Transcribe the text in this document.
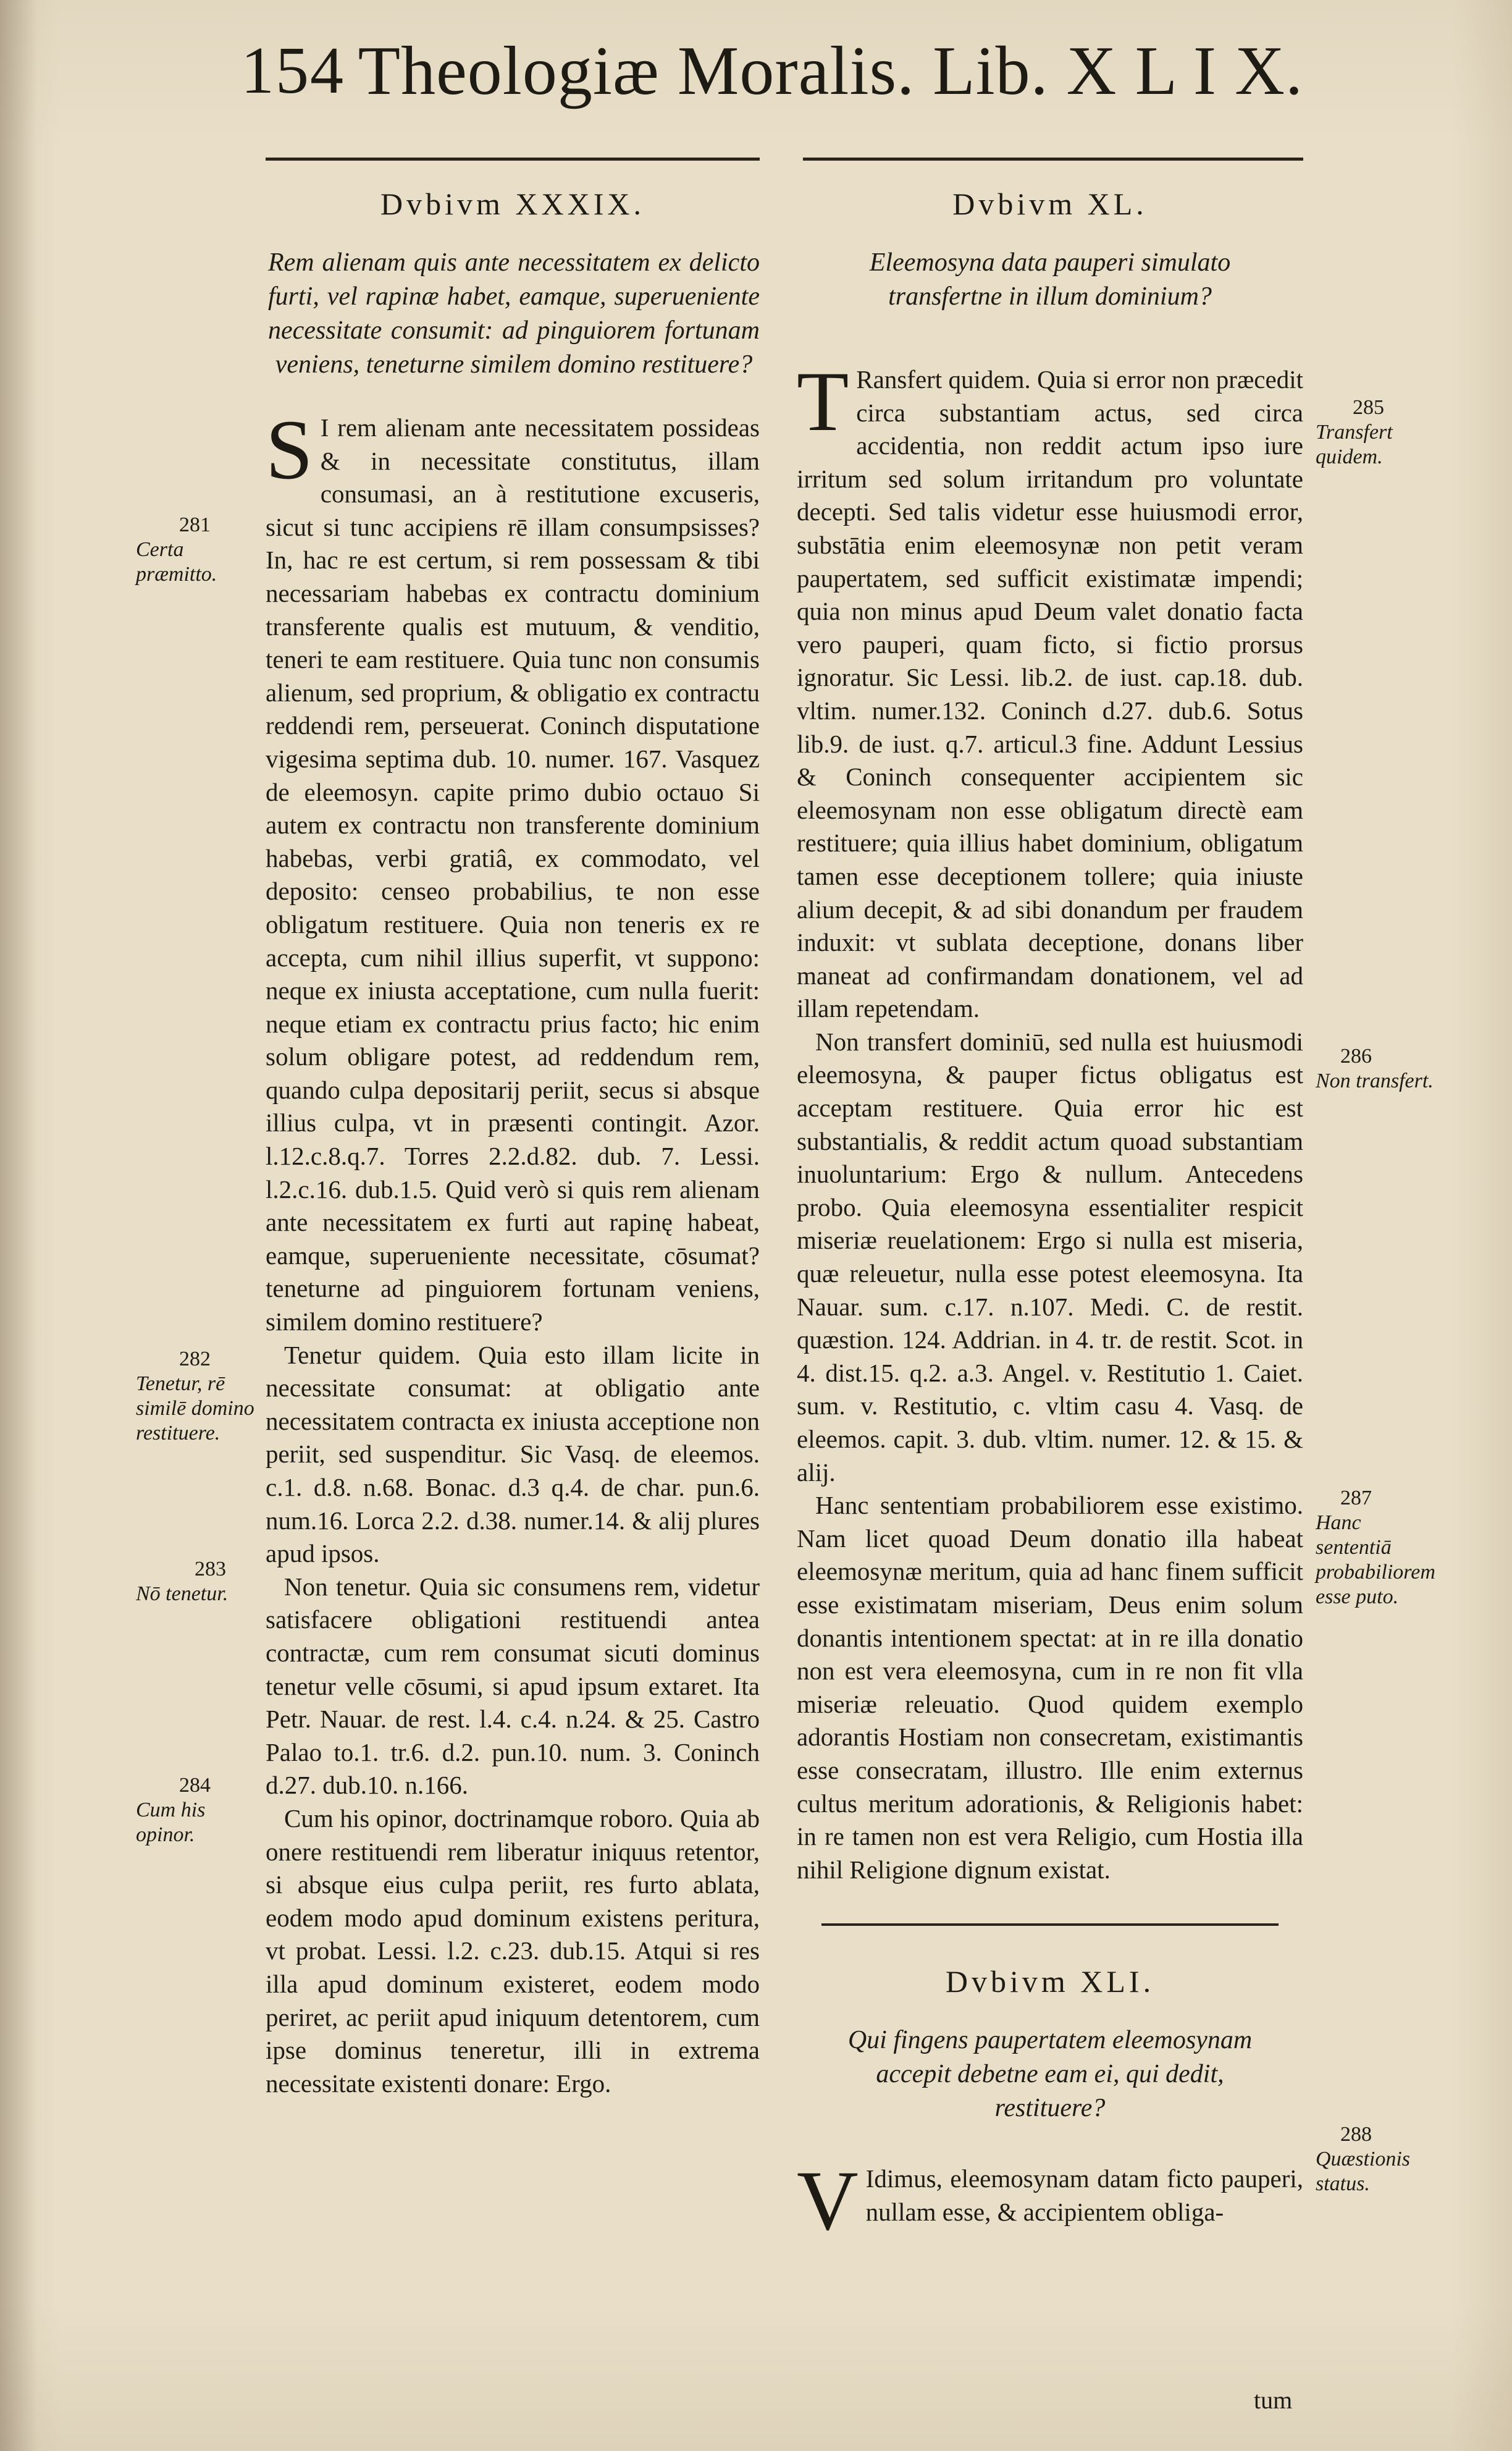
154 Theologiæ Moralis. Lib. X L I X.
Dvbivm XXXIX.
Rem alienam quis ante necessitatem ex delicto furti, vel rapinæ habet, eamque, superueniente necessitate consumit: ad pinguiorem fortunam veniens, teneturne similem domino restituere?

S I rem alienam ante necessitatem possideas & in necessitate constitutus, illam consumasi, an à restitutione excuseris, sicut si tunc accipiens rē illam consumpsisses? In, hac re est certum, si rem possessam & tibi necessariam habebas ex contractu dominium transferente qualis est mutuum, & venditio, teneri te eam restituere. Quia tunc non consumis alienum, sed proprium, & obligatio ex contractu reddendi rem, perseuerat. Coninch disputatione vigesima septima dub. 10. numer. 167. Vasquez de eleemosyn. capite primo dubio octauo Si autem ex contractu non transferente dominium habebas, verbi gratiâ, ex commodato, vel deposito: censeo probabilius, te non esse obligatum restituere. Quia non teneris ex re accepta, cum nihil illius superfit, vt suppono: neque ex iniusta acceptatione, cum nulla fuerit: neque etiam ex contractu prius facto; hic enim solum obligare potest, ad reddendum rem, quando culpa depositarij periit, secus si absque illius culpa, vt in præsenti contingit. Azor. l.12.c.8.q.7. Torres 2.2.d.82. dub. 7. Lessi. l.2.c.16. dub.1.5. Quid verò si quis rem alienam ante necessitatem ex furti aut rapinę habeat, eamque, superueniente necessitate, cōsumat? teneturne ad pinguiorem fortunam veniens, similem domino restituere?

Tenetur quidem. Quia esto illam licite in necessitate consumat: at obligatio ante necessitatem contracta ex iniusta acceptione non periit, sed suspenditur. Sic Vasq. de eleemos. c.1. d.8. n.68. Bonac. d.3 q.4. de char. pun.6. num.16. Lorca 2.2. d.38. numer.14. & alij plures apud ipsos.

Non tenetur. Quia sic consumens rem, videtur satisfacere obligationi restituendi antea contractæ, cum rem consumat sicuti dominus tenetur velle cōsumi, si apud ipsum extaret. Ita Petr. Nauar. de rest. l.4. c.4. n.24. & 25. Castro Palao to.1. tr.6. d.2. pun.10. num. 3. Coninch d.27. dub.10. n.166.

Cum his opinor, doctrinamque roboro. Quia ab onere restituendi rem liberatur iniquus retentor, si absque eius culpa periit, res furto ablata, eodem modo apud dominum existens peritura, vt probat. Lessi. l.2. c.23. dub.15. Atqui si res illa apud dominum existeret, eodem modo periret, ac periit apud iniquum detentorem, cum ipse dominus teneretur, illi in extrema necessitate existenti donare: Ergo.

281
Certa præmitto.
282
Tenetur, rē similē domino restituere.
283
Nō tenetur.
284
Cum his opinor.
Dvbivm XL.
Eleemosyna data pauperi simulato transfertne in illum dominium?

T Ransfert quidem. Quia si error non præcedit circa substantiam actus, sed circa accidentia, non reddit actum ipso iure irritum sed solum irritandum pro voluntate decepti. Sed talis videtur esse huiusmodi error, substātia enim eleemosynæ non petit veram paupertatem, sed sufficit existimatæ impendi; quia non minus apud Deum valet donatio facta vero pauperi, quam ficto, si fictio prorsus ignoratur. Sic Lessi. lib.2. de iust. cap.18. dub. vltim. numer.132. Coninch d.27. dub.6. Sotus lib.9. de iust. q.7. articul.3 fine. Addunt Lessius & Coninch consequenter accipientem sic eleemosynam non esse obligatum directè eam restituere; quia illius habet dominium, obligatum tamen esse deceptionem tollere; quia iniuste alium decepit, & ad sibi donandum per fraudem induxit: vt sublata deceptione, donans liber maneat ad confirmandam donationem, vel ad illam repetendam.

Non transfert dominiū, sed nulla est huiusmodi eleemosyna, & pauper fictus obligatus est acceptam restituere. Quia error hic est substantialis, & reddit actum quoad substantiam inuoluntarium: Ergo & nullum. Antecedens probo. Quia eleemosyna essentialiter respicit miseriæ reuelationem: Ergo si nulla est miseria, quæ releuetur, nulla esse potest eleemosyna. Ita Nauar. sum. c.17. n.107. Medi. C. de restit. quæstion. 124. Addrian. in 4. tr. de restit. Scot. in 4. dist.15. q.2. a.3. Angel. v. Restitutio 1. Caiet. sum. v. Restitutio, c. vltim casu 4. Vasq. de eleemos. capit. 3. dub. vltim. numer. 12. & 15. & alij.

Hanc sententiam probabiliorem esse existimo. Nam licet quoad Deum donatio illa habeat eleemosynæ meritum, quia ad hanc finem sufficit esse existimatam miseriam, Deus enim solum donantis intentionem spectat: at in re illa donatio non est vera eleemosyna, cum in re non fit vlla miseriæ releuatio. Quod quidem exemplo adorantis Hostiam non consecretam, existimantis esse consecratam, illustro. Ille enim externus cultus meritum adorationis, & Religionis habet: in re tamen non est vera Religio, cum Hostia illa nihil Religione dignum existat.

Dvbivm XLI.
Qui fingens paupertatem eleemosynam accepit debetne eam ei, qui dedit, restituere?

V Idimus, eleemosynam datam ficto pauperi, nullam esse, & accipientem obliga-

285
Transfert quidem.
286
Non transfert.
287
Hanc sententiā probabiliorem esse puto.
288
Quæstionis status.
tum
